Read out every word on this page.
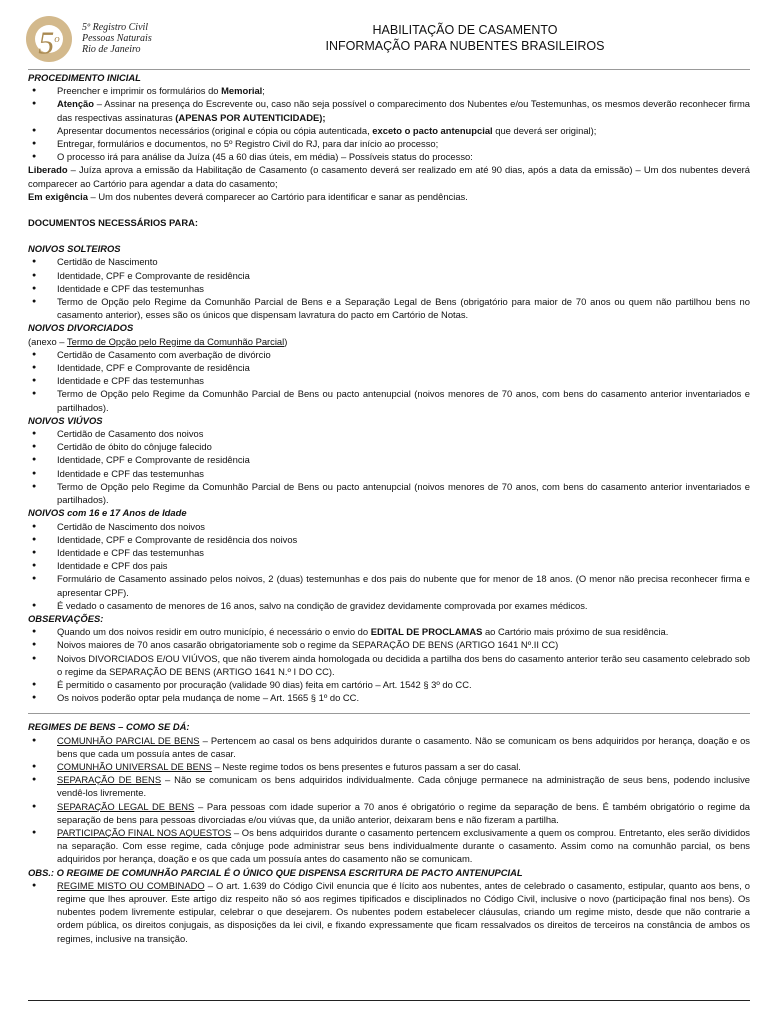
5$^o$
5º Registro Civil
Pessoas Naturais
Rio de Janeiro
HABILITAÇÃO DE CASAMENTO
INFORMAÇÃO PARA NUBENTES BRASILEIROS

PROCEDIMENTO INICIAL

● Preencher e imprimir os formulários do Memorial;
● Atenção – Assinar na presença do Escrevente ou, caso não seja possível o comparecimento dos Nubentes e/ou Testemunhas, os mesmos deverão reconhecer firma das respectivas assinaturas (APENAS POR AUTENTICIDADE);
● Apresentar documentos necessários (original e cópia ou cópia autenticada, exceto o pacto antenupcial que deverá ser original);
● Entregar, formulários e documentos, no 5º Registro Civil do RJ, para dar início ao processo;
● O processo irá para análise da Juíza (45 a 60 dias úteis, em média) – Possíveis status do processo:

Liberado – Juíza aprova a emissão da Habilitação de Casamento (o casamento deverá ser realizado em até 90 dias, após a data da emissão) – Um dos nubentes deverá comparecer ao Cartório para agendar a data do casamento;

Em exigência – Um dos nubentes deverá comparecer ao Cartório para identificar e sanar as pendências.

DOCUMENTOS NECESSÁRIOS PARA:

NOIVOS SOLTEIROS

● Certidão de Nascimento
● Identidade, CPF e Comprovante de residência
● Identidade e CPF das testemunhas
● Termo de Opção pelo Regime da Comunhão Parcial de Bens e a Separação Legal de Bens (obrigatório para maior de 70 anos ou quem não partilhou bens no casamento anterior), esses são os únicos que dispensam lavratura do pacto em Cartório de Notas.

NOIVOS DIVORCIADOS

(anexo – Termo de Opção pelo Regime da Comunhão Parcial)

● Certidão de Casamento com averbação de divórcio
● Identidade, CPF e Comprovante de residência
● Identidade e CPF das testemunhas
● Termo de Opção pelo Regime da Comunhão Parcial de Bens ou pacto antenupcial (noivos menores de 70 anos, com bens do casamento anterior inventariados e partilhados).

NOIVOS VIÚVOS

● Certidão de Casamento dos noivos
● Certidão de óbito do cônjuge falecido
● Identidade, CPF e Comprovante de residência
● Identidade e CPF das testemunhas
● Termo de Opção pelo Regime da Comunhão Parcial de Bens ou pacto antenupcial (noivos menores de 70 anos, com bens do casamento anterior inventariados e partilhados).

NOIVOS com 16 e 17 Anos de Idade

● Certidão de Nascimento dos noivos
● Identidade, CPF e Comprovante de residência dos noivos
● Identidade e CPF das testemunhas
● Identidade e CPF dos pais
● Formulário de Casamento assinado pelos noivos, 2 (duas) testemunhas e dos pais do nubente que for menor de 18 anos. (O menor não precisa reconhecer firma e apresentar CPF).
● É vedado o casamento de menores de 16 anos, salvo na condição de gravidez devidamente comprovada por exames médicos.

OBSERVAÇÕES:

● Quando um dos noivos residir em outro município, é necessário o envio do EDITAL DE PROCLAMAS ao Cartório mais próximo de sua residência.
● Noivos maiores de 70 anos casarão obrigatoriamente sob o regime da SEPARAÇÃO DE BENS (ARTIGO 1641 Nº.II CC)
● Noivos DIVORCIADOS E/OU VIÚVOS, que não tiverem ainda homologada ou decidida a partilha dos bens do casamento anterior terão seu casamento celebrado sob o regime da SEPARAÇÃO DE BENS (ARTIGO 1641 N.º I DO CC).
● É permitido o casamento por procuração (validade 90 dias) feita em cartório – Art. 1542 § 3º do CC.
● Os noivos poderão optar pela mudança de nome – Art. 1565 § 1º do CC.

REGIMES DE BENS – COMO SE DÁ:

● COMUNHÃO PARCIAL DE BENS – Pertencem ao casal os bens adquiridos durante o casamento. Não se comunicam os bens adquiridos por herança, doação e os bens que cada um possuía antes de casar.
● COMUNHÃO UNIVERSAL DE BENS – Neste regime todos os bens presentes e futuros passam a ser do casal.
● SEPARAÇÃO DE BENS – Não se comunicam os bens adquiridos individualmente. Cada cônjuge permanece na administração de seus bens, podendo inclusive vendê-los livremente.
● SEPARAÇÃO LEGAL DE BENS – Para pessoas com idade superior a 70 anos é obrigatório o regime da separação de bens. É também obrigatório o regime da separação de bens para pessoas divorciadas e/ou viúvas que, da união anterior, deixaram bens e não fizeram a partilha.
● PARTICIPAÇÃO FINAL NOS AQUESTOS – Os bens adquiridos durante o casamento pertencem exclusivamente a quem os comprou. Entretanto, eles serão divididos na separação. Com esse regime, cada cônjuge pode administrar seus bens individualmente durante o casamento. Assim como na comunhão parcial, os bens adquiridos por herança, doação e os que cada um possuía antes do casamento não se comunicam.

OBS.: O REGIME DE COMUNHÃO PARCIAL É O ÚNICO QUE DISPENSA ESCRITURA DE PACTO ANTENUPCIAL

● REGIME MISTO OU COMBINADO – O art. 1.639 do Código Civil enuncia que é lícito aos nubentes, antes de celebrado o casamento, estipular, quanto aos bens, o regime que lhes aprouver. Este artigo diz respeito não só aos regimes tipificados e disciplinados no Código Civil, inclusive o novo (participação final nos bens). Os nubentes podem livremente estipular, celebrar o que desejarem. Os nubentes podem estabelecer cláusulas, criando um regime misto, desde que não contrarie a ordem pública, os direitos conjugais, as disposições da lei civil, e fixando expressamente que ficam ressalvados os direitos de terceiros na constância de ambos os regimes, inclusive na transição.
